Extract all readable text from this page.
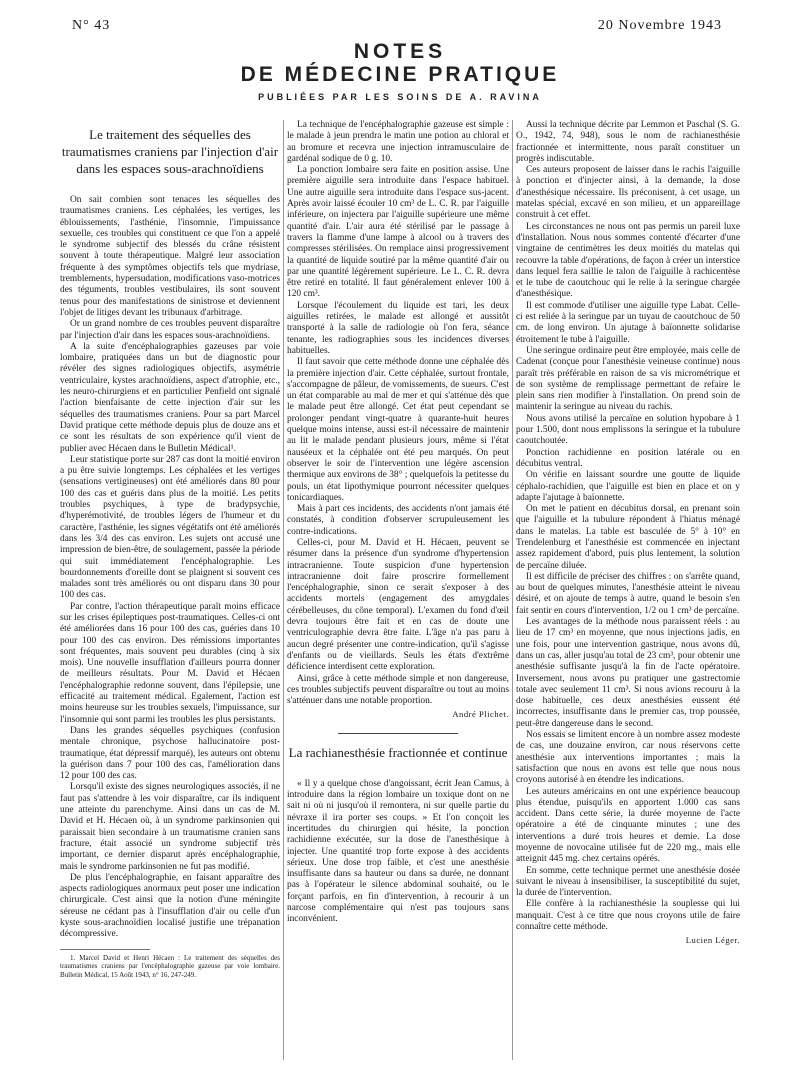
N° 43	20 Novembre 1943
NOTES
DE MÉDECINE PRATIQUE
PUBLIÉES PAR LES SOINS DE A. RAVINA
Le traitement des séquelles des traumatismes craniens par l'injection d'air dans les espaces sous-arachnoïdiens

On sait combien sont tenaces les séquelles des traumatismes craniens. Les céphalées, les vertiges, les éblouissements, l'asthénie, l'insomnie, l'impuissance sexuelle, ces troubles qui constituent ce que l'on a appelé le syndrome subjectif des blessés du crâne résistent souvent à toute thérapeutique. Malgré leur association fréquente à des symptômes objectifs tels que mydriase, tremblements, hypersudation, modifications vaso-motrices des téguments, troubles vestibulaires, ils sont souvent tenus pour des manifestations de sinistrose et deviennent l'objet de litiges devant les tribunaux d'arbitrage.

Or un grand nombre de ces troubles peuvent disparaître par l'injection d'air dans les espaces sous-arachnoïdiens.

A la suite d'encéphalographies gazeuses par voie lombaire, pratiquées dans un but de diagnostic pour révéler des signes radiologiques objectifs, asymétrie ventriculaire, kystes arachnoïdiens, aspect d'atrophie, etc., les neuro-chirurgiens et en particulier Penfield ont signalé l'action bienfaisante de cette injection d'air sur les séquelles des traumatismes craniens. Pour sa part Marcel David pratique cette méthode depuis plus de douze ans et ce sont les résultats de son expérience qu'il vient de publier avec Hécaen dans le Bulletin Médical¹.

Leur statistique porte sur 287 cas dont la moitié environ a pu être suivie longtemps. Les céphalées et les vertiges (sensations vertigineuses) ont été améliorés dans 80 pour 100 des cas et guéris dans plus de la moitié. Les petits troubles psychiques, à type de bradypsychie, d'hyperémotivité, de troubles légers de l'humeur et du caractère, l'asthénie, les signes végétatifs ont été améliorés dans les 3/4 des cas environ. Les sujets ont accusé une impression de bien-être, de soulagement, passée la période qui suit immédiatement l'encéphalographie. Les bourdonnements d'oreille dont se plaignent si souvent ces malades sont très améliorés ou ont disparu dans 30 pour 100 des cas.

Par contre, l'action thérapeutique paraît moins efficace sur les crises épileptiques post-traumatiques. Celles-ci ont été améliorées dans 16 pour 100 des cas, guéries dans 10 pour 100 des cas environ. Des rémissions importantes sont fréquentes, mais souvent peu durables (cinq à six mois). Une nouvelle insufflation d'ailleurs pourra donner de meilleurs résultats. Pour M. David et Hécaen l'encéphalographie redonne souvent, dans l'épilepsie, une efficacité au traitement médical. Egalement, l'action est moins heureuse sur les troubles sexuels, l'impuissance, sur l'insomnie qui sont parmi les troubles les plus persistants.

Dans les grandes séquelles psychiques (confusion mentale chronique, psychose hallucinatoire post-traumatique, état dépressif marqué), les auteurs ont obtenu la guérison dans 7 pour 100 des cas, l'amélioration dans 12 pour 100 des cas.

Lorsqu'il existe des signes neurologiques associés, il ne faut pas s'attendre à les voir disparaître, car ils indiquent une atteinte du parenchyme. Ainsi dans un cas de M. David et H. Hécaen où, à un syndrome parkinsonien qui paraissait bien secondaire à un traumatisme cranien sans fracture, était associé un syndrome subjectif très important, ce dernier disparut après encéphalographie, mais le syndrome parkinsonien ne fut pas modifié.

De plus l'encéphalographie, en faisant apparaître des aspects radiologiques anormaux peut poser une indication chirurgicale. C'est ainsi que la notion d'une méningite séreuse ne cédant pas à l'insufflation d'air ou celle d'un kyste sous-arachnoïdien localisé justifie une trépanation décompressive.

1. Marcel David et Henri Hécaen : Le traitement des séquelles des traumatismes craniens par l'encéphalographie gazeuse par voie lombaire. Bulletin Médical, 15 Août 1943, n° 16, 247-249.

La technique de l'encéphalographie gazeuse est simple : le malade à jeun prendra le matin une potion au chloral et au bromure et recevra une injection intramusculaire de gardénal sodique de 0 g. 10.

La ponction lombaire sera faite en position assise. Une première aiguille sera introduite dans l'espace habituel. Une autre aiguille sera introduite dans l'espace sus-jacent. Après avoir laissé écouler 10 cm³ de L. C. R. par l'aiguille inférieure, on injectera par l'aiguille supérieure une même quantité d'air. L'air aura été stérilisé par le passage à travers la flamme d'une lampe à alcool ou à travers des compresses stérilisées. On remplace ainsi progressivement la quantité de liquide soutiré par la même quantité d'air ou par une quantité légèrement supérieure. Le L. C. R. devra être retiré en totalité. Il faut généralement enlever 100 à 120 cm³.

Lorsque l'écoulement du liquide est tari, les deux aiguilles retirées, le malade est allongé et aussitôt transporté à la salle de radiologie où l'on fera, séance tenante, les radiographies sous les incidences diverses habituelles.

Il faut savoir que cette méthode donne une céphalée dès la première injection d'air. Cette céphalée, surtout frontale, s'accompagne de pâleur, de vomissements, de sueurs. C'est un état comparable au mal de mer et qui s'atténue dès que le malade peut être allongé. Cet état peut cependant se prolonger pendant vingt-quatre à quarante-huit heures quelque moins intense, aussi est-il nécessaire de maintenir au lit le malade pendant plusieurs jours, même si l'état nauséeux et la céphalée ont été peu marqués. On peut observer le soir de l'intervention une légère ascension thermique aux environs de 38° ; quelquefois la petitesse du pouls, un état lipothymique pourront nécessiter quelques tonicardiaques.

Mais à part ces incidents, des accidents n'ont jamais été constatés, à condition d'observer scrupuleusement les contre-indications.

Celles-ci, pour M. David et H. Hécaen, peuvent se résumer dans la présence d'un syndrome d'hypertension intracranienne. Toute suspicion d'une hypertension intracranienne doit faire proscrire formellement l'encéphalographie, sinon ce serait s'exposer à des accidents mortels (engagement des amygdales cérébelleuses, du cône temporal). L'examen du fond d'œil devra toujours être fait et en cas de doute une ventriculographie devra être faite. L'âge n'a pas paru à aucun degré présenter une contre-indication, qu'il s'agisse d'enfants ou de vieillards. Seuls les états d'extrême déficience interdisent cette exploration.

Ainsi, grâce à cette méthode simple et non dangereuse, ces troubles subjectifs peuvent disparaître ou tout au moins s'atténuer dans une notable proportion.

André Plichet.

La rachianesthésie fractionnée et continue

« Il y a quelque chose d'angoissant, écrit Jean Camus, à introduire dans la région lombaire un toxique dont on ne sait ni où ni jusqu'où il remontera, ni sur quelle partie du névraxe il ira porter ses coups. » Et l'on conçoit les incertitudes du chirurgien qui hésite, la ponction rachidienne exécutée, sur la dose de l'anesthésique à injecter. Une quantité trop forte expose à des accidents sérieux. Une dose trop faible, et c'est une anesthésie insuffisante dans sa hauteur ou dans sa durée, ne donnant pas à l'opérateur le silence abdominal souhaité, ou le forçant parfois, en fin d'intervention, à recourir à un narcose complémentaire qui n'est pas toujours sans inconvénient.

Aussi la technique décrite par Lemmon et Paschal (S. G. O., 1942, 74, 948), sous le nom de rachianesthésie fractionnée et intermittente, nous paraît constituer un progrès indiscutable.

Ces auteurs proposent de laisser dans le rachis l'aiguille à ponction et d'injecter ainsi, à la demande, la dose d'anesthésique nécessaire. Ils préconisent, à cet usage, un matelas spécial, excavé en son milieu, et un appareillage construit à cet effet.

Les circonstances ne nous ont pas permis un pareil luxe d'installation. Nous nous sommes contenté d'écarter d'une vingtaine de centimètres les deux moitiés du matelas qui recouvre la table d'opérations, de façon à créer un interstice dans lequel fera saillie le talon de l'aiguille à rachicentèse et le tube de caoutchouc qui le relie à la seringue chargée d'anesthésique.

Il est commode d'utiliser une aiguille type Labat. Celle-ci est reliée à la seringue par un tuyau de caoutchouc de 50 cm. de long environ. Un ajutage à baïonnette solidarise étroitement le tube à l'aiguille.

Une seringue ordinaire peut être employée, mais celle de Cadenat (conçue pour l'anesthésie veineuse continue) nous paraît très préférable en raison de sa vis micrométrique et de son système de remplissage permettant de refaire le plein sans rien modifier à l'installation. On prend soin de maintenir la seringue au niveau du rachis.

Nous avons utilisé la percaïne en solution hypobare à 1 pour 1.500, dont nous emplissons la seringue et la tubulure caoutchoutée.

Ponction rachidienne en position latérale ou en décubitus ventral.

On vérifie en laissant sourdre une goutte de liquide céphalo-rachidien, que l'aiguille est bien en place et on y adapte l'ajutage à baïonnette.

On met le patient en décubitus dorsal, en prenant soin que l'aiguille et la tubulure répondent à l'hiatus ménagé dans le matelas. La table est basculée de 5° à 10° en Trendelenburg et l'anesthésie est commencée en injectant assez rapidement d'abord, puis plus lentement, la solution de percaïne diluée.

Il est difficile de préciser des chiffres : on s'arrête quand, au bout de quelques minutes, l'anesthésie atteint le niveau désiré, et on ajoute de temps à autre, quand le besoin s'en fait sentir en cours d'intervention, 1/2 ou 1 cm³ de percaïne.

Les avantages de la méthode nous paraissent réels : au lieu de 17 cm³ en moyenne, que nous injections jadis, en une fois, pour une intervention gastrique, nous avons dû, dans un cas, aller jusqu'au total de 23 cm³, pour obtenir une anesthésie suffisante jusqu'à la fin de l'acte opératoire. Inversement, nous avons pu pratiquer une gastrectomie totale avec seulement 11 cm³. Si nous avions recouru à la dose habituelle, ces deux anesthésies eussent été incorrectes, insuffisante dans le premier cas, trop poussée, peut-être dangereuse dans le second.

Nos essais se limitent encore à un nombre assez modeste de cas, une douzaine environ, car nous réservons cette anesthésie aux interventions importantes ; mais la satisfaction que nous en avons est telle que nous nous croyons autorisé à en étendre les indications.

Les auteurs américains en ont une expérience beaucoup plus étendue, puisqu'ils en apportent 1.000 cas sans accident. Dans cette série, la durée moyenne de l'acte opératoire a été de cinquante minutes ; une des interventions a duré trois heures et demie. La dose moyenne de novocaïne utilisée fut de 220 mg., mais elle atteignit 445 mg. chez certains opérés.

En somme, cette technique permet une anesthésie dosée suivant le niveau à insensibiliser, la susceptibilité du sujet, la durée de l'intervention.

Elle confère à la rachianesthésie la souplesse qui lui manquait. C'est à ce titre que nous croyons utile de faire connaître cette méthode.

Lucien Léger.
